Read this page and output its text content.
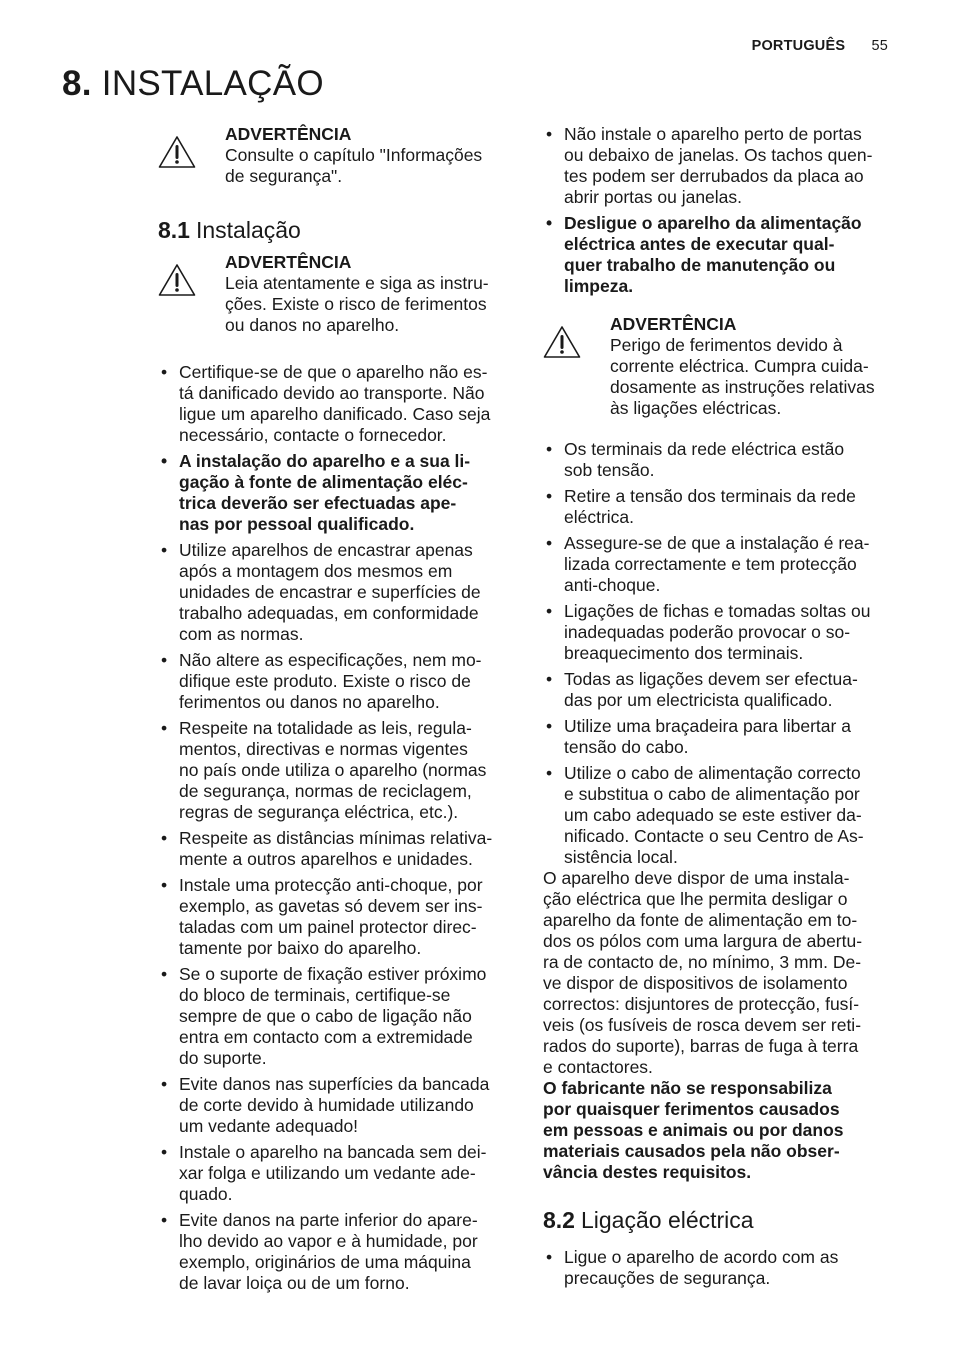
PORTUGUÊS 55
8. INSTALAÇÃO
ADVERTÊNCIA
Consulte o capítulo "Informações
de segurança".
8.1 Instalação
ADVERTÊNCIA
Leia atentamente e siga as instru-
ções. Existe o risco de ferimentos
ou danos no aparelho.
• Certifique-se de que o aparelho não es-
tá danificado devido ao transporte. Não
ligue um aparelho danificado. Caso seja
necessário, contacte o fornecedor.
• A instalação do aparelho e a sua li-
gação à fonte de alimentação eléc-
trica deverão ser efectuadas ape-
nas por pessoal qualificado.
• Utilize aparelhos de encastrar apenas
após a montagem dos mesmos em
unidades de encastrar e superfícies de
trabalho adequadas, em conformidade
com as normas.
• Não altere as especificações, nem mo-
difique este produto. Existe o risco de
ferimentos ou danos no aparelho.
• Respeite na totalidade as leis, regula-
mentos, directivas e normas vigentes
no país onde utiliza o aparelho (normas
de segurança, normas de reciclagem,
regras de segurança eléctrica, etc.).
• Respeite as distâncias mínimas relativa-
mente a outros aparelhos e unidades.
• Instale uma protecção anti-choque, por
exemplo, as gavetas só devem ser ins-
taladas com um painel protector direc-
tamente por baixo do aparelho.
• Se o suporte de fixação estiver próximo
do bloco de terminais, certifique-se
sempre de que o cabo de ligação não
entra em contacto com a extremidade
do suporte.
• Evite danos nas superfícies da bancada
de corte devido à humidade utilizando
um vedante adequado!
• Instale o aparelho na bancada sem dei-
xar folga e utilizando um vedante ade-
quado.
• Evite danos na parte inferior do apare-
lho devido ao vapor e à humidade, por
exemplo, originários de uma máquina
de lavar loiça ou de um forno.
• Não instale o aparelho perto de portas
ou debaixo de janelas. Os tachos quen-
tes podem ser derrubados da placa ao
abrir portas ou janelas.
• Desligue o aparelho da alimentação
eléctrica antes de executar qual-
quer trabalho de manutenção ou
limpeza.
ADVERTÊNCIA
Perigo de ferimentos devido à
corrente eléctrica. Cumpra cuida-
dosamente as instruções relativas
às ligações eléctricas.
• Os terminais da rede eléctrica estão
sob tensão.
• Retire a tensão dos terminais da rede
eléctrica.
• Assegure-se de que a instalação é rea-
lizada correctamente e tem protecção
anti-choque.
• Ligações de fichas e tomadas soltas ou
inadequadas poderão provocar o so-
breaquecimento dos terminais.
• Todas as ligações devem ser efectua-
das por um electricista qualificado.
• Utilize uma braçadeira para libertar a
tensão do cabo.
• Utilize o cabo de alimentação correcto
e substitua o cabo de alimentação por
um cabo adequado se este estiver da-
nificado. Contacte o seu Centro de As-
sistência local.
O aparelho deve dispor de uma instala-
ção eléctrica que lhe permita desligar o
aparelho da fonte de alimentação em to-
dos os pólos com uma largura de abertu-
ra de contacto de, no mínimo, 3 mm. De-
ve dispor de dispositivos de isolamento
correctos: disjuntores de protecção, fusí-
veis (os fusíveis de rosca devem ser reti-
rados do suporte), barras de fuga à terra
e contactores.
O fabricante não se responsabiliza
por quaisquer ferimentos causados
em pessoas e animais ou por danos
materiais causados pela não obser-
vância destes requisitos.
8.2 Ligação eléctrica
• Ligue o aparelho de acordo com as
precauções de segurança.
